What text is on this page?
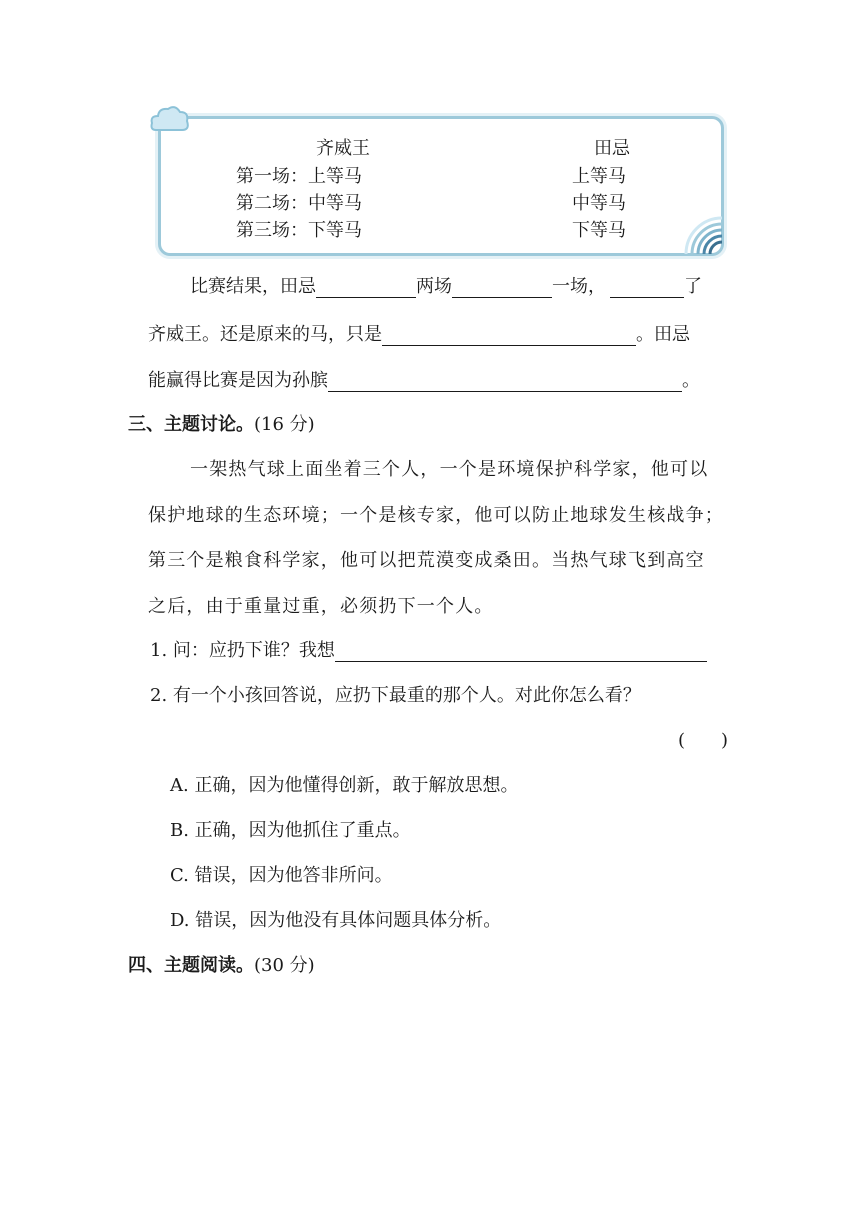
齐威王	田忌
第一场：上等马	上等马
第二场：中等马	中等马
第三场：下等马	下等马
比赛结果，田忌	两场	一场，	了
齐威王。还是原来的马，只是	。田忌
能赢得比赛是因为孙膑	。
三、主题讨论。(16 分)
一架热气球上面坐着三个人，一个是环境保护科学家，他可以
保护地球的生态环境；一个是核专家，他可以防止地球发生核战争；
第三个是粮食科学家，他可以把荒漠变成桑田。当热气球飞到高空
之后，由于重量过重，必须扔下一个人。
1. 问：应扔下谁？我想
2. 有一个小孩回答说，应扔下最重的那个人。对此你怎么看？
(　　)
A. 正确，因为他懂得创新，敢于解放思想。
B. 正确，因为他抓住了重点。
C. 错误，因为他答非所问。
D. 错误，因为他没有具体问题具体分析。
四、主题阅读。(30 分)
